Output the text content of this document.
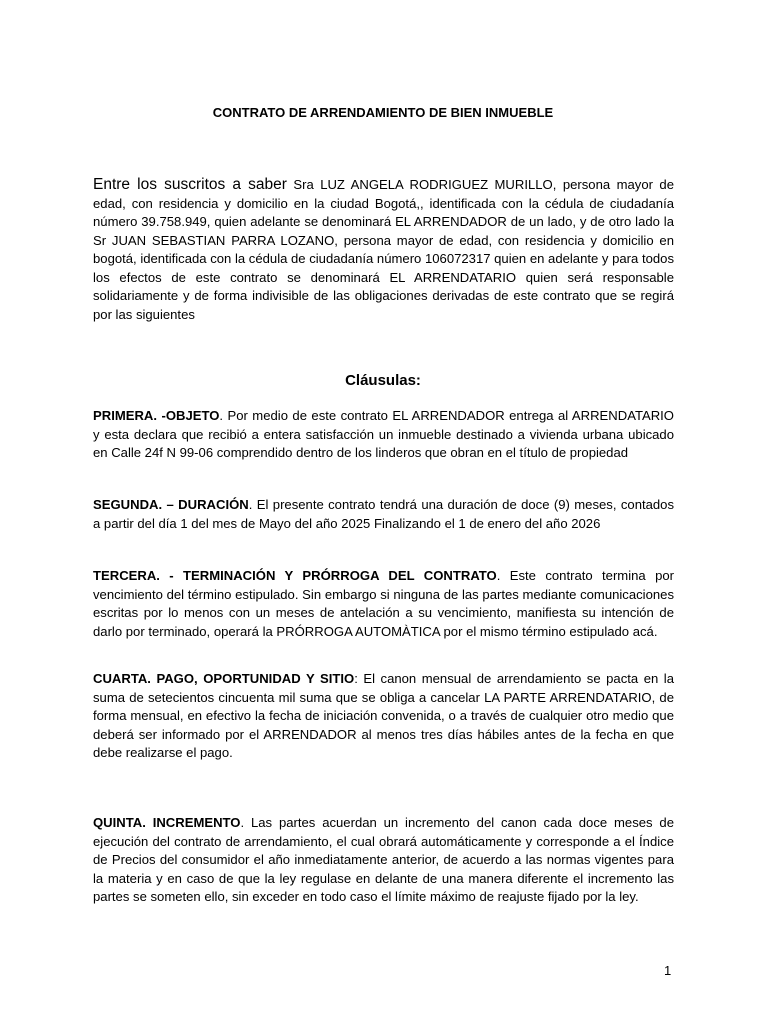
CONTRATO DE ARRENDAMIENTO DE BIEN INMUEBLE

Entre los suscritos a saber Sra LUZ ANGELA RODRIGUEZ MURILLO, persona mayor de edad, con residencia y domicilio en la ciudad Bogotá,, identificada con la cédula de ciudadanía número 39.758.949, quien adelante se denominará EL ARRENDADOR de un lado, y de otro lado la Sr JUAN SEBASTIAN PARRA LOZANO, persona mayor de edad, con residencia y domicilio en bogotá, identificada con la cédula de ciudadanía número 106072317 quien en adelante y para todos los efectos de este contrato se denominará EL ARRENDATARIO quien será responsable solidariamente y de forma indivisible de las obligaciones derivadas de este contrato que se regirá por las siguientes

Cláusulas:

PRIMERA. -OBJETO. Por medio de este contrato EL ARRENDADOR entrega al ARRENDATARIO y esta declara que recibió a entera satisfacción un inmueble destinado a vivienda urbana ubicado en Calle 24f N 99-06 comprendido dentro de los linderos que obran en el título de propiedad

SEGUNDA. – DURACIÓN. El presente contrato tendrá una duración de doce (9) meses, contados a partir del día 1 del mes de Mayo del año 2025 Finalizando el 1 de enero del año 2026

TERCERA. - TERMINACIÓN Y PRÓRROGA DEL CONTRATO. Este contrato termina por vencimiento del término estipulado. Sin embargo si ninguna de las partes mediante comunicaciones escritas por lo menos con un meses de antelación a su vencimiento, manifiesta su intención de darlo por terminado, operará la PRÓRROGA AUTOMÀTICA por el mismo término estipulado acá.

CUARTA. PAGO, OPORTUNIDAD Y SITIO: El canon mensual de arrendamiento se pacta en la suma de setecientos cincuenta mil suma que se obliga a cancelar LA PARTE ARRENDATARIO, de forma mensual, en efectivo la fecha de iniciación convenida, o a través de cualquier otro medio que deberá ser informado por el ARRENDADOR al menos tres días hábiles antes de la fecha en que debe realizarse el pago.

QUINTA. INCREMENTO. Las partes acuerdan un incremento del canon cada doce meses de ejecución del contrato de arrendamiento, el cual obrará automáticamente y corresponde a el Índice de Precios del consumidor el año inmediatamente anterior, de acuerdo a las normas vigentes para la materia y en caso de que la ley regulase en delante de una manera diferente el incremento las partes se someten ello, sin exceder en todo caso el límite máximo de reajuste fijado por la ley.

1
